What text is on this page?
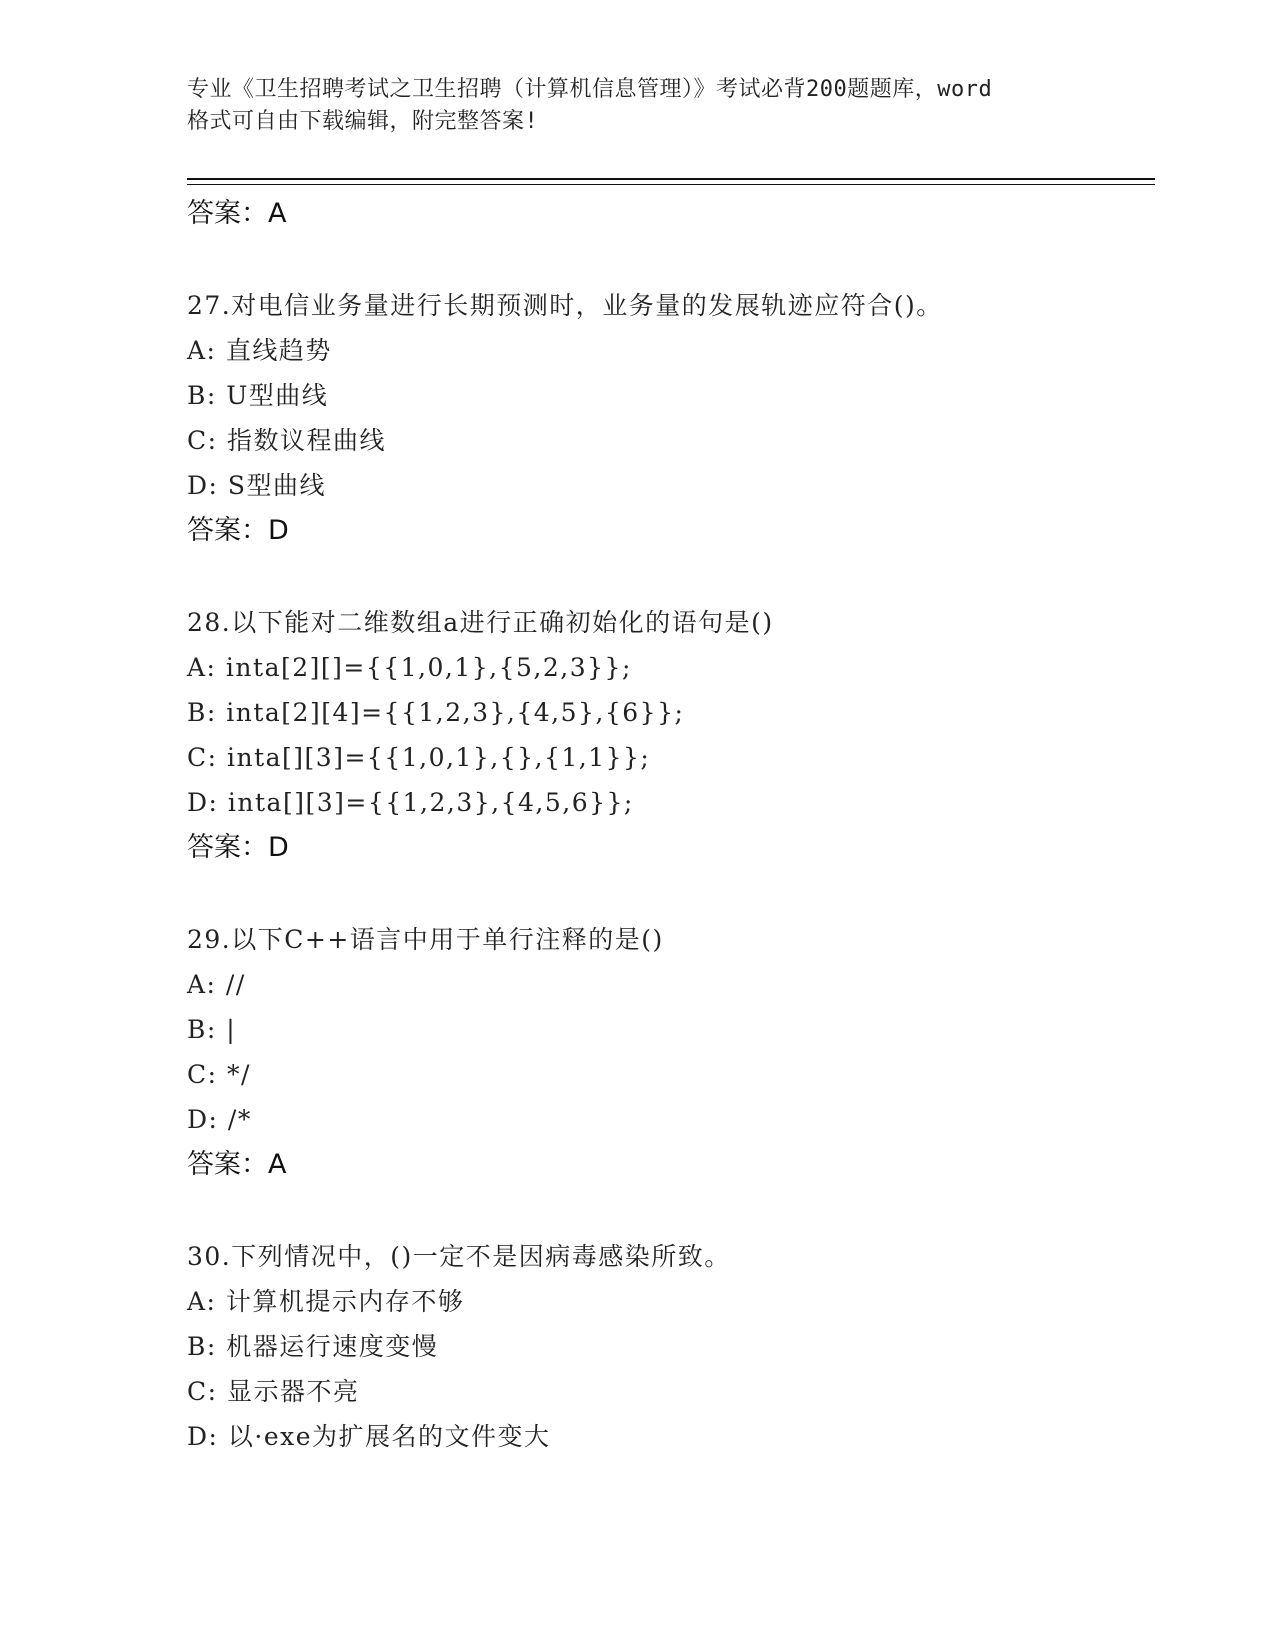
专业《卫生招聘考试之卫生招聘（计算机信息管理）》考试必背200题题库，word
格式可自由下载编辑，附完整答案!
答案：A
27.对电信业务量进行长期预测时，业务量的发展轨迹应符合()。
A: 直线趋势
B: U型曲线
C: 指数议程曲线
D: S型曲线
答案：D
28.以下能对二维数组a进行正确初始化的语句是()
A: inta[2][]={{1,0,1},{5,2,3}};
B: inta[2][4]={{1,2,3},{4,5},{6}};
C: inta[][3]={{1,0,1},{},{1,1}};
D: inta[][3]={{1,2,3},{4,5,6}};
答案：D
29.以下C++语言中用于单行注释的是()
A: //
B: |
C: */
D: /*
答案：A
30.下列情况中，()一定不是因病毒感染所致。
A: 计算机提示内存不够
B: 机器运行速度变慢
C: 显示器不亮
D: 以·exe为扩展名的文件变大
